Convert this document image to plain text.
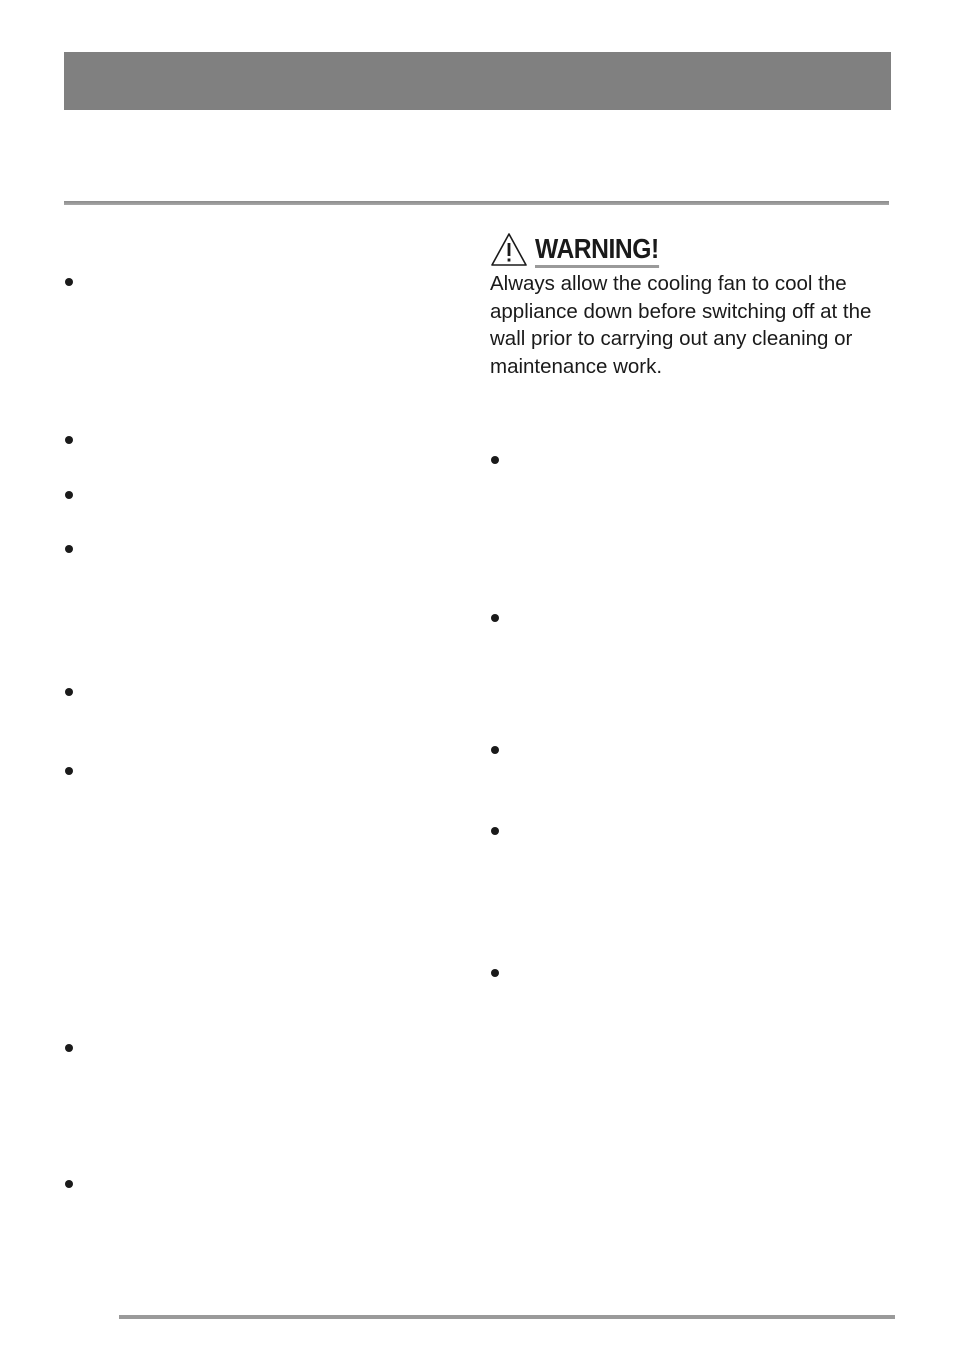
WARNING!

Always allow the cooling fan to cool the appliance down before switching off at the wall prior to carrying out any cleaning or maintenance work.
